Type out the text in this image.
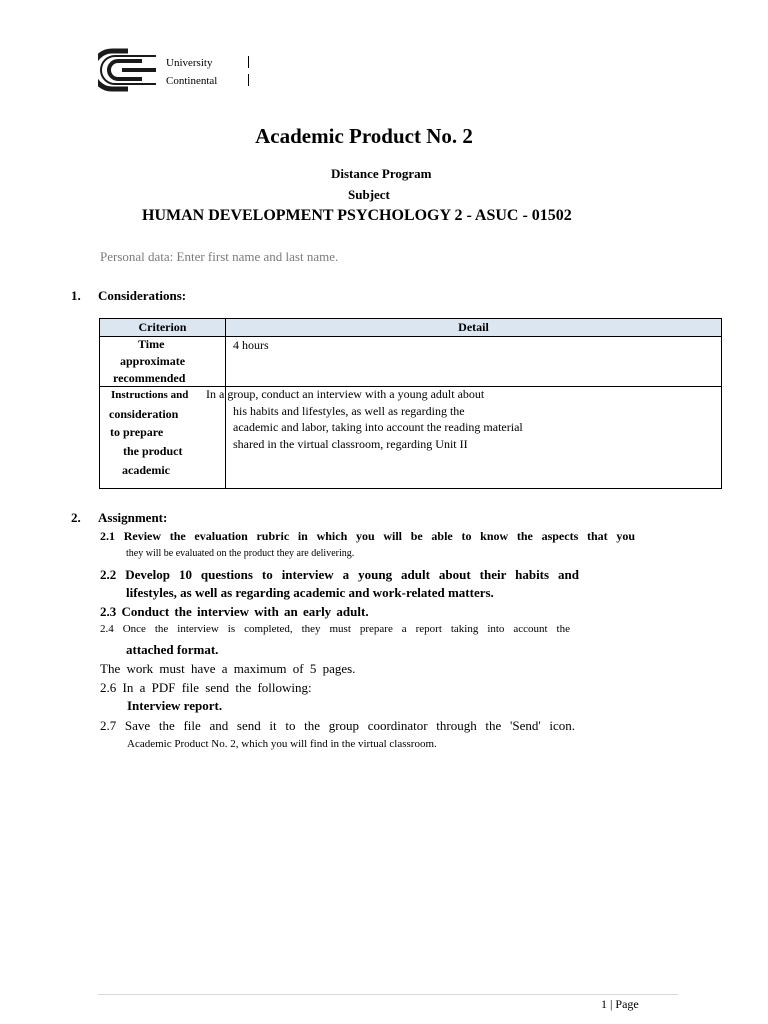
University
Continental
Academic Product No. 2
Distance Program
Subject
HUMAN DEVELOPMENT PSYCHOLOGY 2 - ASUC - 01502
Personal data: Enter first name and last name.
1. Considerations:
Criterion	Detail
Time
approximate
recommended
4 hours
Instructions and
consideration
to prepare
the product
academic
In a group, conduct an interview with a young adult about
his habits and lifestyles, as well as regarding the
academic and labor, taking into account the reading material
shared in the virtual classroom, regarding Unit II
2. Assignment:
2.1 Review the evaluation rubric in which you will be able to know the aspects that you
they will be evaluated on the product they are delivering.
2.2 Develop 10 questions to interview a young adult about their habits and
lifestyles, as well as regarding academic and work-related matters.
2.3 Conduct the interview with an early adult.
2.4 Once the interview is completed, they must prepare a report taking into account the
attached format.
The work must have a maximum of 5 pages.
2.6 In a PDF file send the following:
Interview report.
2.7 Save the file and send it to the group coordinator through the 'Send' icon.
Academic Product No. 2, which you will find in the virtual classroom.
1 | Page
